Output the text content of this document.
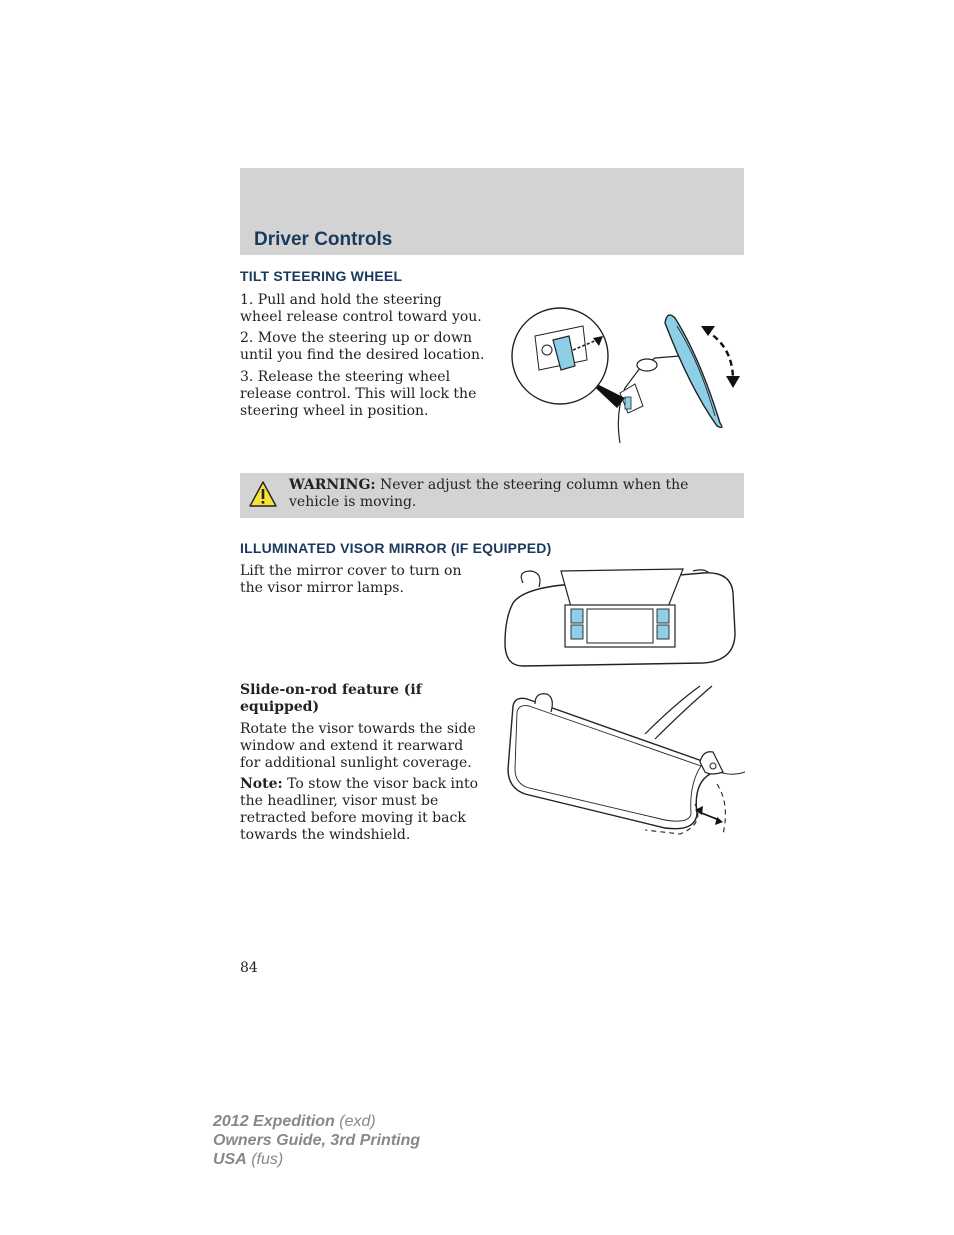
Driver Controls
TILT STEERING WHEEL

1. Pull and hold the steering wheel release control toward you.

2. Move the steering up or down until you find the desired location.

3. Release the steering wheel release control. This will lock the steering wheel in position.

WARNING: Never adjust the steering column when the vehicle is moving.
ILLUMINATED VISOR MIRROR (IF EQUIPPED)

Lift the mirror cover to turn on the visor mirror lamps.

Slide-on-rod feature (if equipped)

Rotate the visor towards the side window and extend it rearward for additional sunlight coverage.

Note: To stow the visor back into the headliner, visor must be retracted before moving it back towards the windshield.

84
2012 Expedition (exd)
Owners Guide, 3rd Printing
USA (fus)
